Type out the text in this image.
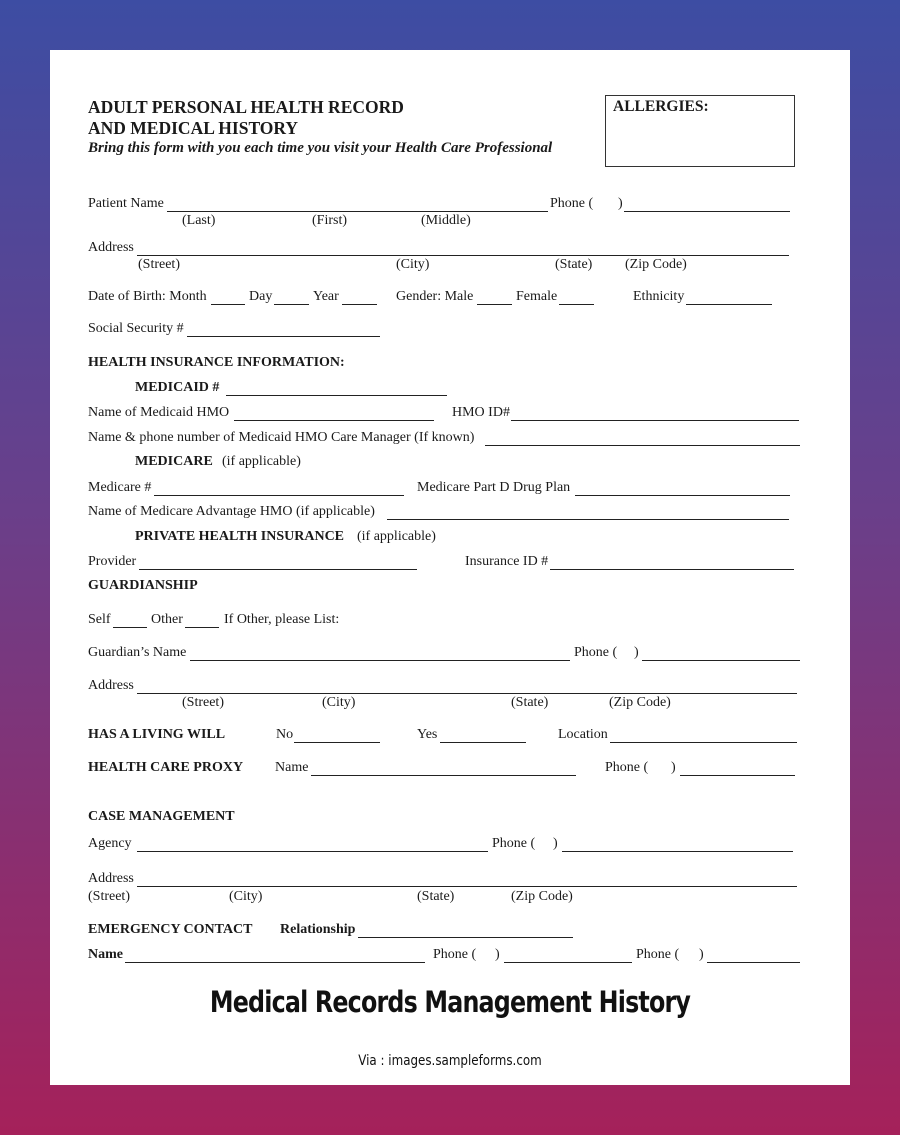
ADULT PERSONAL HEALTH RECORD
AND MEDICAL HISTORY
Bring this form with you each time you visit your Health Care Professional
ALLERGIES:
Patient Name	Phone ( )
(Last)	(First)	(Middle)
Address
(Street)	(City)	(State) (Zip Code)
Date of Birth: Month	Day	Year	Gender: Male	Female	Ethnicity
Social Security #
HEALTH INSURANCE INFORMATION:
MEDICAID #
Name of Medicaid HMO	HMO ID#
Name & phone number of Medicaid HMO Care Manager (If known)
MEDICARE (if applicable)
Medicare #	Medicare Part D Drug Plan
Name of Medicare Advantage HMO (if applicable)
PRIVATE HEALTH INSURANCE (if applicable)
Provider	Insurance ID #
GUARDIANSHIP
Self	Other	If Other, please List:
Guardian’s Name	Phone ( )
Address
(Street)	(City)	(State)	(Zip Code)
HAS A LIVING WILL	No	Yes	Location
HEALTH CARE PROXY Name	Phone ( )
CASE MANAGEMENT
Agency	Phone ( )
Address
(Street)	(City)	(State)	(Zip Code)
EMERGENCY CONTACT Relationship
Name	Phone ( )	Phone ( )
Medical Records Management History
Via : images.sampleforms.com
